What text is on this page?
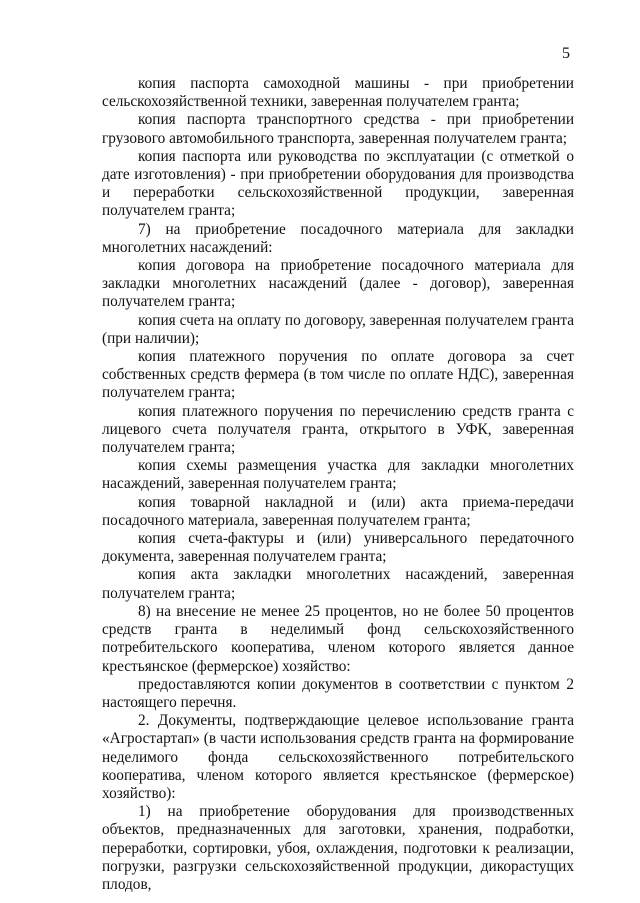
5

копия паспорта самоходной машины - при приобретении сельскохозяйственной техники, заверенная получателем гранта;

копия паспорта транспортного средства - при приобретении грузового автомобильного транспорта, заверенная получателем гранта;

копия паспорта или руководства по эксплуатации (с отметкой о дате изготовления) - при приобретении оборудования для производства и переработки сельскохозяйственной продукции, заверенная получателем гранта;

7) на приобретение посадочного материала для закладки многолетних насаждений:

копия договора на приобретение посадочного материала для закладки многолетних насаждений (далее - договор), заверенная получателем гранта;

копия счета на оплату по договору, заверенная получателем гранта (при наличии);

копия платежного поручения по оплате договора за счет собственных средств фермера (в том числе по оплате НДС), заверенная получателем гранта;

копия платежного поручения по перечислению средств гранта с лицевого счета получателя гранта, открытого в УФК, заверенная получателем гранта;

копия схемы размещения участка для закладки многолетних насаждений, заверенная получателем гранта;

копия товарной накладной и (или) акта приема-передачи посадочного материала, заверенная получателем гранта;

копия счета-фактуры и (или) универсального передаточного документа, заверенная получателем гранта;

копия акта закладки многолетних насаждений, заверенная получателем гранта;

8) на внесение не менее 25 процентов, но не более 50 процентов средств гранта в неделимый фонд сельскохозяйственного потребительского кооператива, членом которого является данное крестьянское (фермерское) хозяйство:

предоставляются копии документов в соответствии с пунктом 2 настоящего перечня.

2. Документы, подтверждающие целевое использование гранта «Агростартап» (в части использования средств гранта на формирование неделимого фонда сельскохозяйственного потребительского кооператива, членом которого является крестьянское (фермерское) хозяйство):

1) на приобретение оборудования для производственных объектов, предназначенных для заготовки, хранения, подработки, переработки, сортировки, убоя, охлаждения, подготовки к реализации, погрузки, разгрузки сельскохозяйственной продукции, дикорастущих плодов,
